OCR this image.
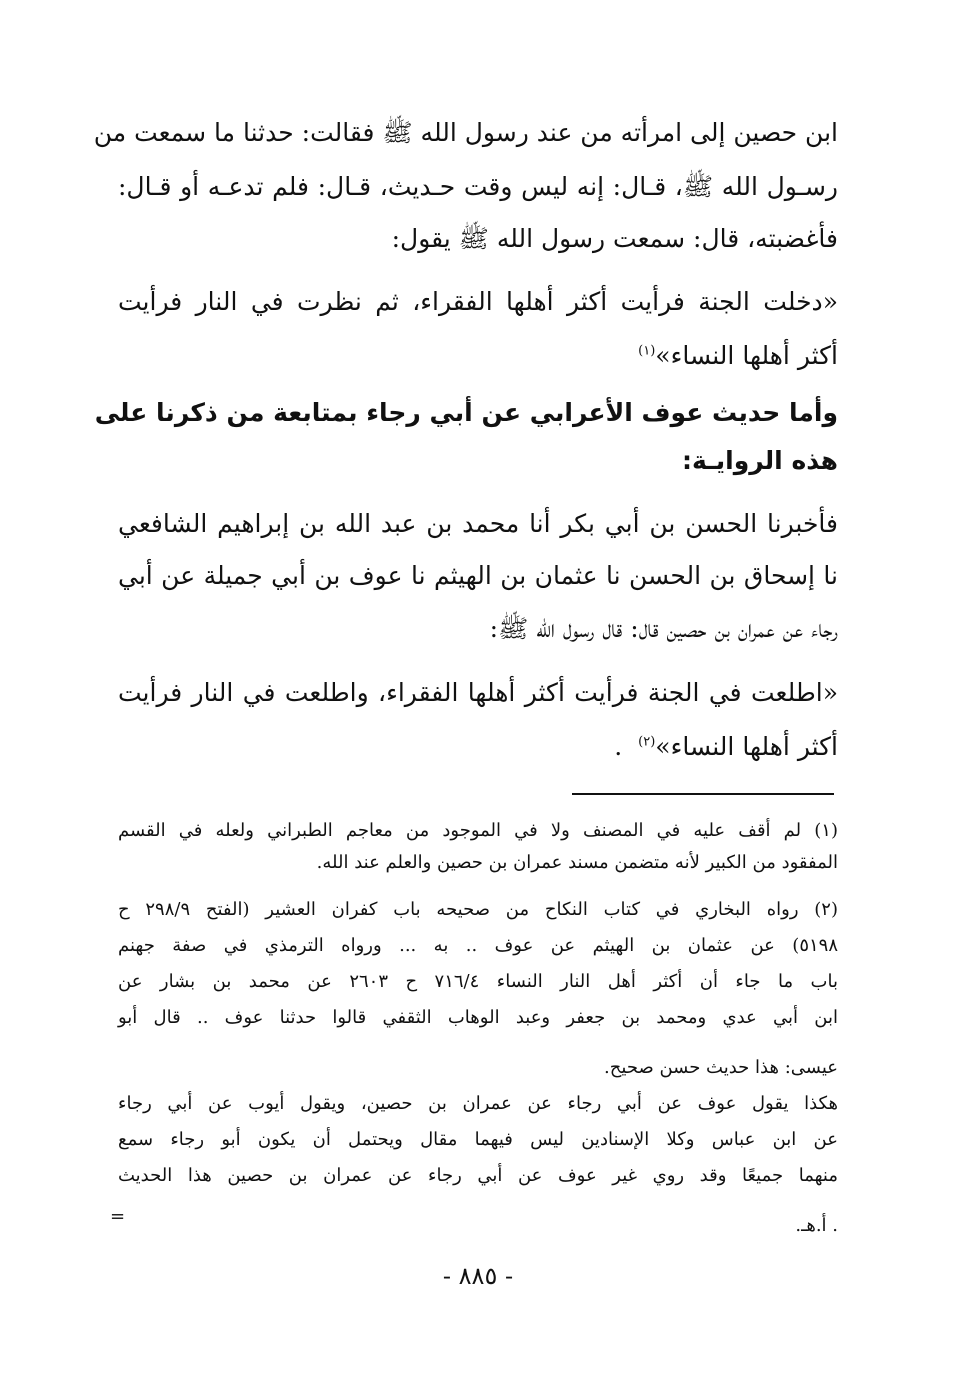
ابن حصين إلى امرأته من عند رسول الله ﷺ فقالت: حدثنا ما سمعت من
رسـول الله ﷺ، قـال: إنه ليس وقت حـديث، قـال: فلم تدعـه أو قـال:
فأغضبته، قال: سمعت رسول الله ﷺ يقول:
«دخلت الجنة فرأيت أكثر أهلها الفقراء، ثم نظرت في النار فرأيت
أكثر أهلها النساء»$^{(١)}$
وأما حديث عوف الأعرابي عن أبي رجاء بمتابعة من ذكرنا على
هذه الروايـة:
فأخبرنا الحسن بن أبي بكر أنا محمد بن عبد الله بن إبراهيم الشافعي
نا إسحاق بن الحسن نا عثمان بن الهيثم نا عوف بن أبي جميلة عن أبي
رجاء عن عمران بن حصين قال: قال رسول الله ﷺ:
«اطلعت في الجنة فرأيت أكثر أهلها الفقراء، واطلعت في النار فرأيت
أكثر أهلها النساء»$^{(٢)}$  .
(١) لم أقف عليه في المصنف ولا في الموجود من معاجم الطبراني ولعله في القسم
المفقود من الكبير لأنه متضمن مسند عمران بن حصين والعلم عند الله.
(٢) رواه البخاري في كتاب النكاح من صحيحه باب كفران العشير (الفتح ٢٩٨/٩ ح
٥١٩٨) عن عثمان بن الهيثم عن عوف .. به ... ورواه الترمذي في صفة جهنم
باب ما جاء أن أكثر أهل النار النساء ٧١٦/٤ ح ٢٦٠٣ عن محمد بن بشار عن
ابن أبي عدي ومحمد بن جعفر وعبد الوهاب الثقفي قالوا حدثنا عوف .. قال أبو
عيسى: هذا حديث حسن صحيح.
هكذا يقول عوف عن أبي رجاء عن عمران بن حصين، ويقول أيوب عن أبي رجاء
عن ابن عباس وكلا الإسنادين ليس فيهما مقال ويحتمل أن يكون أبو رجاء سمع
منهما جميعًا وقد روي غير عوف عن أبي رجاء عن عمران بن حصين هذا الحديث
. أ.هـ.
=
- ٨٨٥ -
